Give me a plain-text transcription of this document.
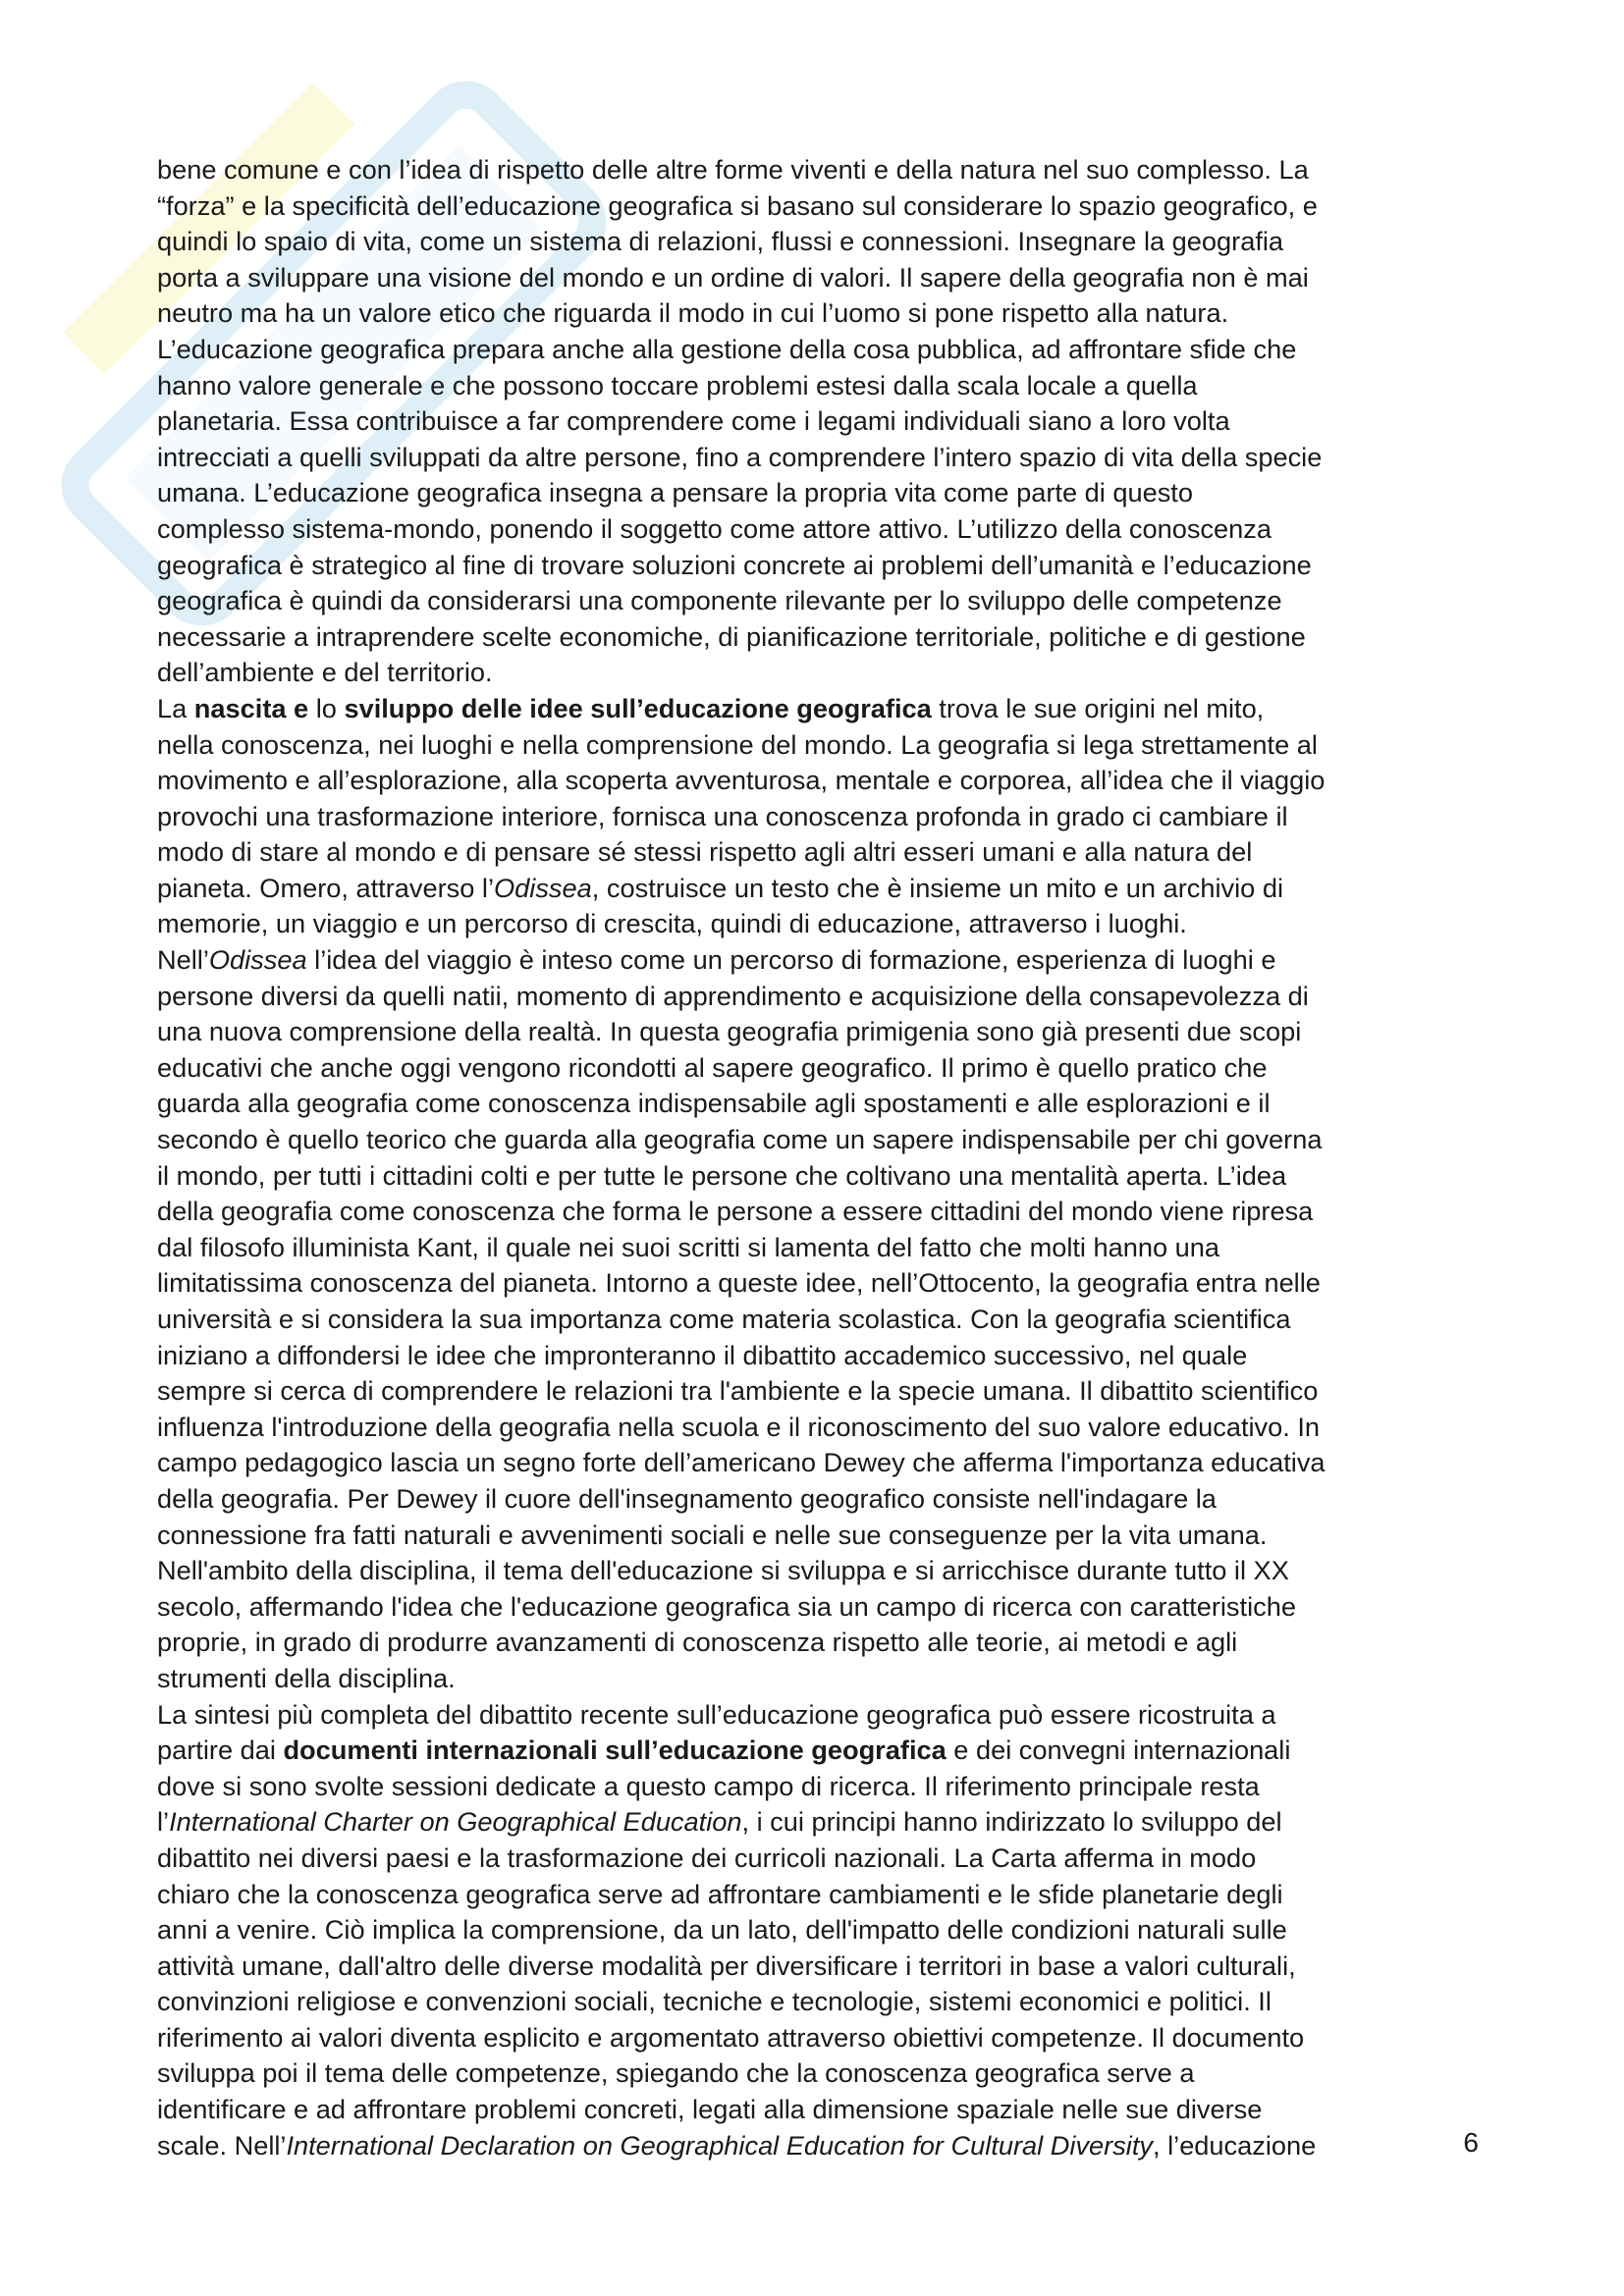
bene comune e con l’idea di rispetto delle altre forme viventi e della natura nel suo complesso. La

“forza” e la specificità dell’educazione geografica si basano sul considerare lo spazio geografico, e

quindi lo spaio di vita, come un sistema di relazioni, flussi e connessioni. Insegnare la geografia

porta a sviluppare una visione del mondo e un ordine di valori. Il sapere della geografia non è mai

neutro ma ha un valore etico che riguarda il modo in cui l’uomo si pone rispetto alla natura.

L’educazione geografica prepara anche alla gestione della cosa pubblica, ad affrontare sfide che

hanno valore generale e che possono toccare problemi estesi dalla scala locale a quella

planetaria. Essa contribuisce a far comprendere come i legami individuali siano a loro volta

intrecciati a quelli sviluppati da altre persone, fino a comprendere l’intero spazio di vita della specie

umana. L’educazione geografica insegna a pensare la propria vita come parte di questo

complesso sistema-mondo, ponendo il soggetto come attore attivo. L’utilizzo della conoscenza

geografica è strategico al fine di trovare soluzioni concrete ai problemi dell’umanità e l’educazione

geografica è quindi da considerarsi una componente rilevante per lo sviluppo delle competenze

necessarie a intraprendere scelte economiche, di pianificazione territoriale, politiche e di gestione

dell’ambiente e del territorio.

La nascita e lo sviluppo delle idee sull’educazione geografica trova le sue origini nel mito,

nella conoscenza, nei luoghi e nella comprensione del mondo. La geografia si lega strettamente al

movimento e all’esplorazione, alla scoperta avventurosa, mentale e corporea, all’idea che il viaggio

provochi una trasformazione interiore, fornisca una conoscenza profonda in grado ci cambiare il

modo di stare al mondo e di pensare sé stessi rispetto agli altri esseri umani e alla natura del

pianeta. Omero, attraverso l’Odissea, costruisce un testo che è insieme un mito e un archivio di

memorie, un viaggio e un percorso di crescita, quindi di educazione, attraverso i luoghi.

Nell’Odissea l’idea del viaggio è inteso come un percorso di formazione, esperienza di luoghi e

persone diversi da quelli natii, momento di apprendimento e acquisizione della consapevolezza di

una nuova comprensione della realtà. In questa geografia primigenia sono già presenti due scopi

educativi che anche oggi vengono ricondotti al sapere geografico. Il primo è quello pratico che

guarda alla geografia come conoscenza indispensabile agli spostamenti e alle esplorazioni e il

secondo è quello teorico che guarda alla geografia come un sapere indispensabile per chi governa

il mondo, per tutti i cittadini colti e per tutte le persone che coltivano una mentalità aperta. L’idea

della geografia come conoscenza che forma le persone a essere cittadini del mondo viene ripresa

dal filosofo illuminista Kant, il quale nei suoi scritti si lamenta del fatto che molti hanno una

limitatissima conoscenza del pianeta. Intorno a queste idee, nell’Ottocento, la geografia entra nelle

università e si considera la sua importanza come materia scolastica. Con la geografia scientifica

iniziano a diffondersi le idee che impronteranno il dibattito accademico successivo, nel quale

sempre si cerca di comprendere le relazioni tra l'ambiente e la specie umana. Il dibattito scientifico

influenza l'introduzione della geografia nella scuola e il riconoscimento del suo valore educativo. In

campo pedagogico lascia un segno forte dell’americano Dewey che afferma l'importanza educativa

della geografia. Per Dewey il cuore dell'insegnamento geografico consiste nell'indagare la

connessione fra fatti naturali e avvenimenti sociali e nelle sue conseguenze per la vita umana.

Nell'ambito della disciplina, il tema dell'educazione si sviluppa e si arricchisce durante tutto il XX

secolo, affermando l'idea che l'educazione geografica sia un campo di ricerca con caratteristiche

proprie, in grado di produrre avanzamenti di conoscenza rispetto alle teorie, ai metodi e agli

strumenti della disciplina.

La sintesi più completa del dibattito recente sull’educazione geografica può essere ricostruita a

partire dai documenti internazionali sull’educazione geografica e dei convegni internazionali

dove si sono svolte sessioni dedicate a questo campo di ricerca. Il riferimento principale resta

l’International Charter on Geographical Education, i cui principi hanno indirizzato lo sviluppo del

dibattito nei diversi paesi e la trasformazione dei curricoli nazionali. La Carta afferma in modo

chiaro che la conoscenza geografica serve ad affrontare cambiamenti e le sfide planetarie degli

anni a venire. Ciò implica la comprensione, da un lato, dell'impatto delle condizioni naturali sulle

attività umane, dall'altro delle diverse modalità per diversificare i territori in base a valori culturali,

convinzioni religiose e convenzioni sociali, tecniche e tecnologie, sistemi economici e politici. Il

riferimento ai valori diventa esplicito e argomentato attraverso obiettivi competenze. Il documento

sviluppa poi il tema delle competenze, spiegando che la conoscenza geografica serve a

identificare e ad affrontare problemi concreti, legati alla dimensione spaziale nelle sue diverse

scale. Nell’International Declaration on Geographical Education for Cultural Diversity, l’educazione	6
